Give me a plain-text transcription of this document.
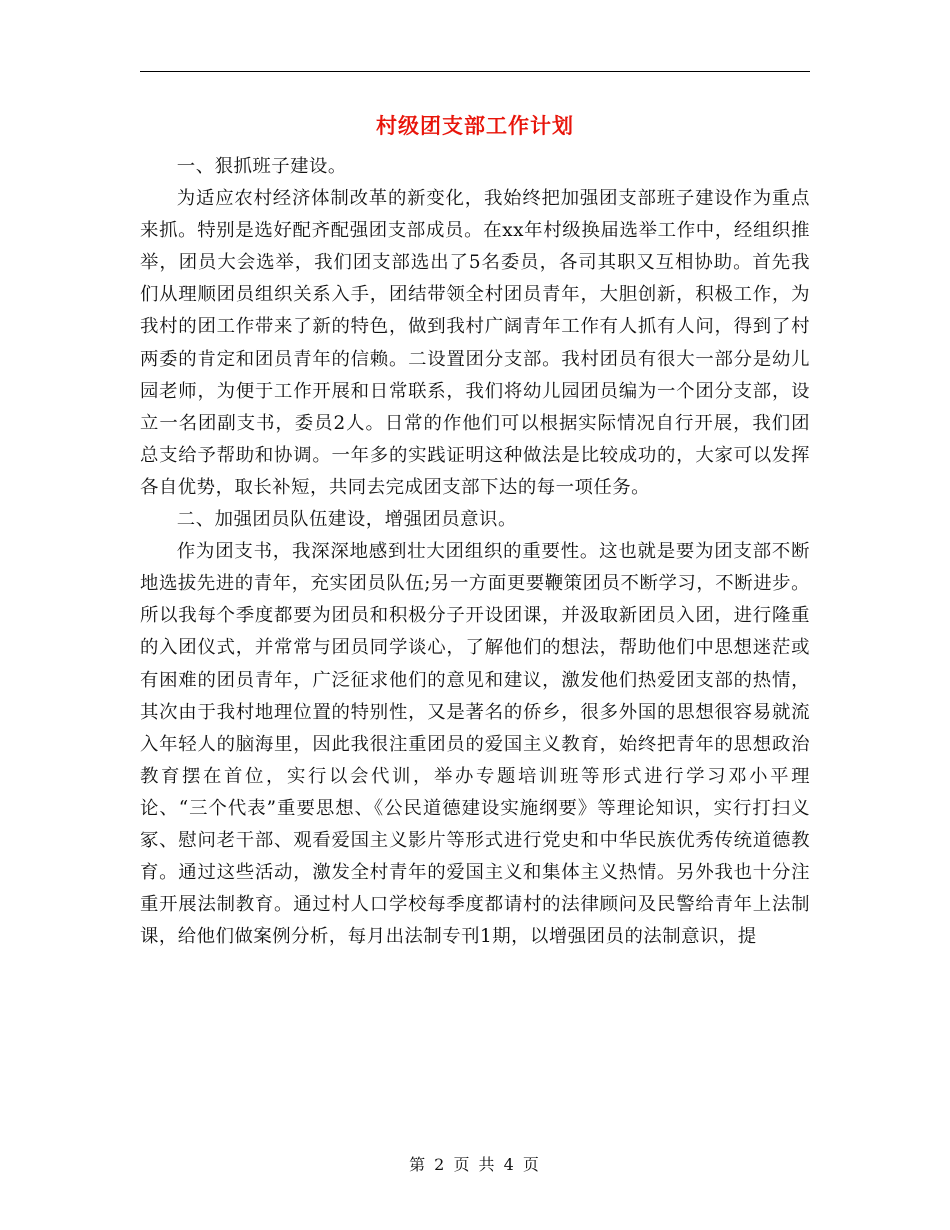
村级团支部工作计划

一、狠抓班子建设。

为适应农村经济体制改革的新变化，我始终把加强团支部班子建设作为重点来抓。特别是选好配齐配强团支部成员。在xx年村级换届选举工作中，经组织推举，团员大会选举，我们团支部选出了5名委员，各司其职又互相协助。首先我们从理顺团员组织关系入手，团结带领全村团员青年，大胆创新，积极工作，为我村的团工作带来了新的特色，做到我村广阔青年工作有人抓有人问，得到了村两委的肯定和团员青年的信赖。二设置团分支部。我村团员有很大一部分是幼儿园老师，为便于工作开展和日常联系，我们将幼儿园团员编为一个团分支部，设立一名团副支书，委员2人。日常的作他们可以根据实际情况自行开展，我们团总支给予帮助和协调。一年多的实践证明这种做法是比较成功的，大家可以发挥各自优势，取长补短，共同去完成团支部下达的每一项任务。

二、加强团员队伍建设，增强团员意识。

作为团支书，我深深地感到壮大团组织的重要性。这也就是要为团支部不断地选拔先进的青年，充实团员队伍;另一方面更要鞭策团员不断学习，不断进步。所以我每个季度都要为团员和积极分子开设团课，并汲取新团员入团，进行隆重的入团仪式，并常常与团员同学谈心，了解他们的想法，帮助他们中思想迷茫或有困难的团员青年，广泛征求他们的意见和建议，激发他们热爱团支部的热情， 其次由于我村地理位置的特别性，又是著名的侨乡，很多外国的思想很容易就流入年轻人的脑海里，因此我很注重团员的爱国主义教育，始终把青年的思想政治教育摆在首位，实行以会代训，举办专题培训班等形式进行学习邓小平理论、“三个代表”重要思想、《公民道德建设实施纲要》等理论知识，实行打扫义冢、慰问老干部、观看爱国主义影片等形式进行党史和中华民族优秀传统道德教育。通过这些活动，激发全村青年的爱国主义和集体主义热情。另外我也十分注重开展法制教育。通过村人口学校每季度都请村的法律顾问及民警给青年上法制课，给他们做案例分析，每月出法制专刊1期，以增强团员的法制意识，提

第 2 页 共 4 页
